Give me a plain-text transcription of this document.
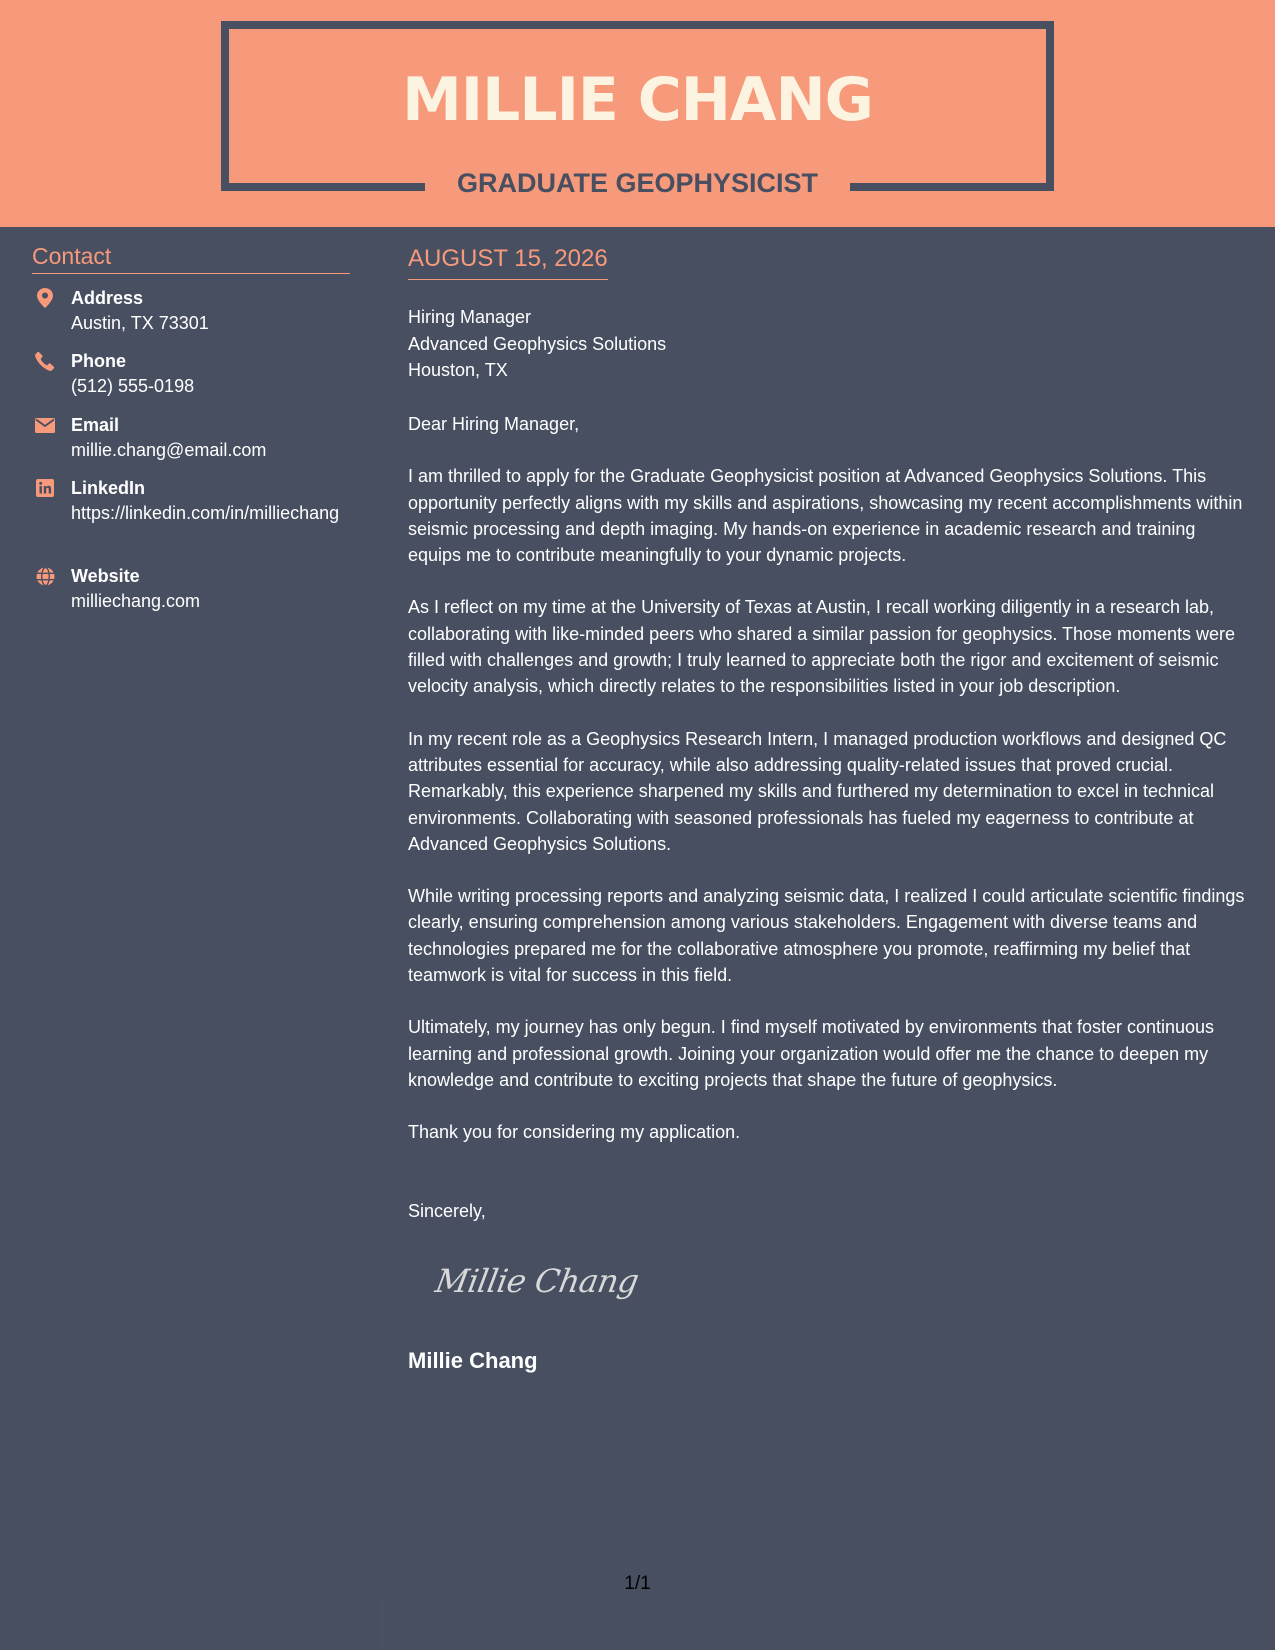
MILLIE CHANG
GRADUATE GEOPHYSICIST
Contact
Address
Austin, TX 73301
Phone
(512) 555-0198
Email
millie.chang@email.com
LinkedIn
https://linkedin.com/in/milliechang
Website
milliechang.com
AUGUST 15, 2026
Hiring Manager
Advanced Geophysics Solutions
Houston, TX

Dear Hiring Manager,

I am thrilled to apply for the Graduate Geophysicist position at Advanced Geophysics Solutions. This opportunity perfectly aligns with my skills and aspirations, showcasing my recent accomplishments within seismic processing and depth imaging. My hands-on experience in academic research and training equips me to contribute meaningfully to your dynamic projects.

As I reflect on my time at the University of Texas at Austin, I recall working diligently in a research lab, collaborating with like-minded peers who shared a similar passion for geophysics. Those moments were filled with challenges and growth; I truly learned to appreciate both the rigor and excitement of seismic velocity analysis, which directly relates to the responsibilities listed in your job description.

In my recent role as a Geophysics Research Intern, I managed production workflows and designed QC attributes essential for accuracy, while also addressing quality-related issues that proved crucial. Remarkably, this experience sharpened my skills and furthered my determination to excel in technical environments. Collaborating with seasoned professionals has fueled my eagerness to contribute at Advanced Geophysics Solutions.

While writing processing reports and analyzing seismic data, I realized I could articulate scientific findings clearly, ensuring comprehension among various stakeholders. Engagement with diverse teams and technologies prepared me for the collaborative atmosphere you promote, reaffirming my belief that teamwork is vital for success in this field.

Ultimately, my journey has only begun. I find myself motivated by environments that foster continuous learning and professional growth. Joining your organization would offer me the chance to deepen my knowledge and contribute to exciting projects that shape the future of geophysics.

Thank you for considering my application.

Sincerely,

Millie Chang
Millie Chang
1/1
